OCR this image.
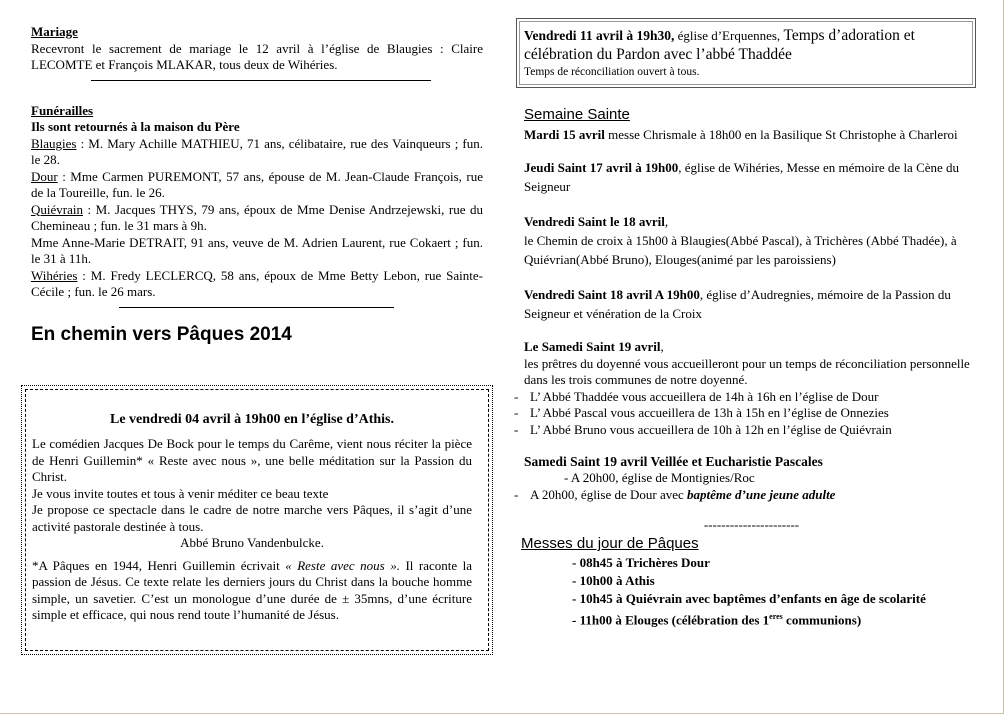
Mariage

Recevront le sacrement de mariage le 12 avril à l’église de Blaugies : Claire LECOMTE et François MLAKAR, tous deux de Wihéries.

Funérailles

Ils sont retournés à la maison du Père

Blaugies : M. Mary Achille MATHIEU, 71 ans, célibataire, rue des Vainqueurs ; fun. le 28.

Dour : Mme Carmen PUREMONT, 57 ans, épouse de M. Jean-Claude François, rue de la Toureille, fun. le 26.

Quiévrain : M. Jacques THYS, 79 ans, époux de Mme Denise Andrzejewski, rue du Chemineau ; fun. le 31 mars à 9h.

Mme Anne-Marie DETRAIT, 91 ans, veuve de M. Adrien Laurent, rue Cokaert ; fun. le 31 à 11h.

Wihéries : M. Fredy LECLERCQ, 58 ans, époux de Mme Betty Lebon, rue Sainte-Cécile ; fun. le 26 mars.

En chemin vers Pâques 2014

Le vendredi 04 avril à 19h00 en l’église d’Athis.

Le comédien Jacques De Bock pour le temps du Carême, vient nous réciter la pièce de Henri Guillemin* « Reste avec nous », une belle méditation sur la Passion du Christ.

Je vous invite toutes et tous à venir méditer ce beau texte

Je propose ce spectacle dans le cadre de notre marche vers Pâques, il s’agit d’une activité pastorale destinée à tous.

Abbé Bruno Vandenbulcke.

*A Pâques en 1944, Henri Guillemin écrivait « Reste avec nous ». Il raconte la passion de Jésus. Ce texte relate les derniers jours du Christ dans la bouche homme simple, un savetier. C’est un monologue d’une durée de ± 35mns, d’une écriture simple et efficace, qui nous rend toute l’humanité de Jésus.

Vendredi 11 avril à 19h30, église d’Erquennes, Temps d’adoration et célébration du Pardon avec l’abbé Thaddée

Temps de réconciliation ouvert à tous.

Semaine Sainte

Mardi 15 avril messe Chrismale à 18h00 en la Basilique St Christophe à Charleroi

Jeudi Saint 17 avril à 19h00, église de Wihéries, Messe en mémoire de la Cène du Seigneur

Vendredi Saint le 18 avril,

le Chemin de croix à 15h00 à Blaugies(Abbé Pascal), à Trichères (Abbé Thadée), à Quiévrian(Abbé Bruno), Elouges(animé par les paroissiens)

Vendredi Saint 18 avril A 19h00, église d’Audregnies, mémoire de la Passion du Seigneur et vénération de la Croix

Le Samedi Saint 19 avril,

les prêtres du doyenné vous accueilleront pour un temps de réconciliation personnelle dans les trois communes de notre doyenné.

- L’ Abbé Thaddée vous accueillera de 14h à 16h en l’église de Dour

- L’ Abbé Pascal vous accueillera de 13h à 15h en l’église de Onnezies

- L’ Abbé Bruno vous accueillera de 10h à 12h en l’église de Quiévrain

Samedi Saint 19 avril Veillée et Eucharistie Pascales

- A 20h00, église de Montignies/Roc

- A 20h00, église de Dour avec baptême d’une jeune adulte

----------------------

Messes du jour de Pâques

- 08h45 à Trichères Dour

- 10h00 à Athis

- 10h45 à Quiévrain avec baptêmes d’enfants en âge de scolarité

- 11h00 à Elouges (célébration des $1^{eres}$ communions)
